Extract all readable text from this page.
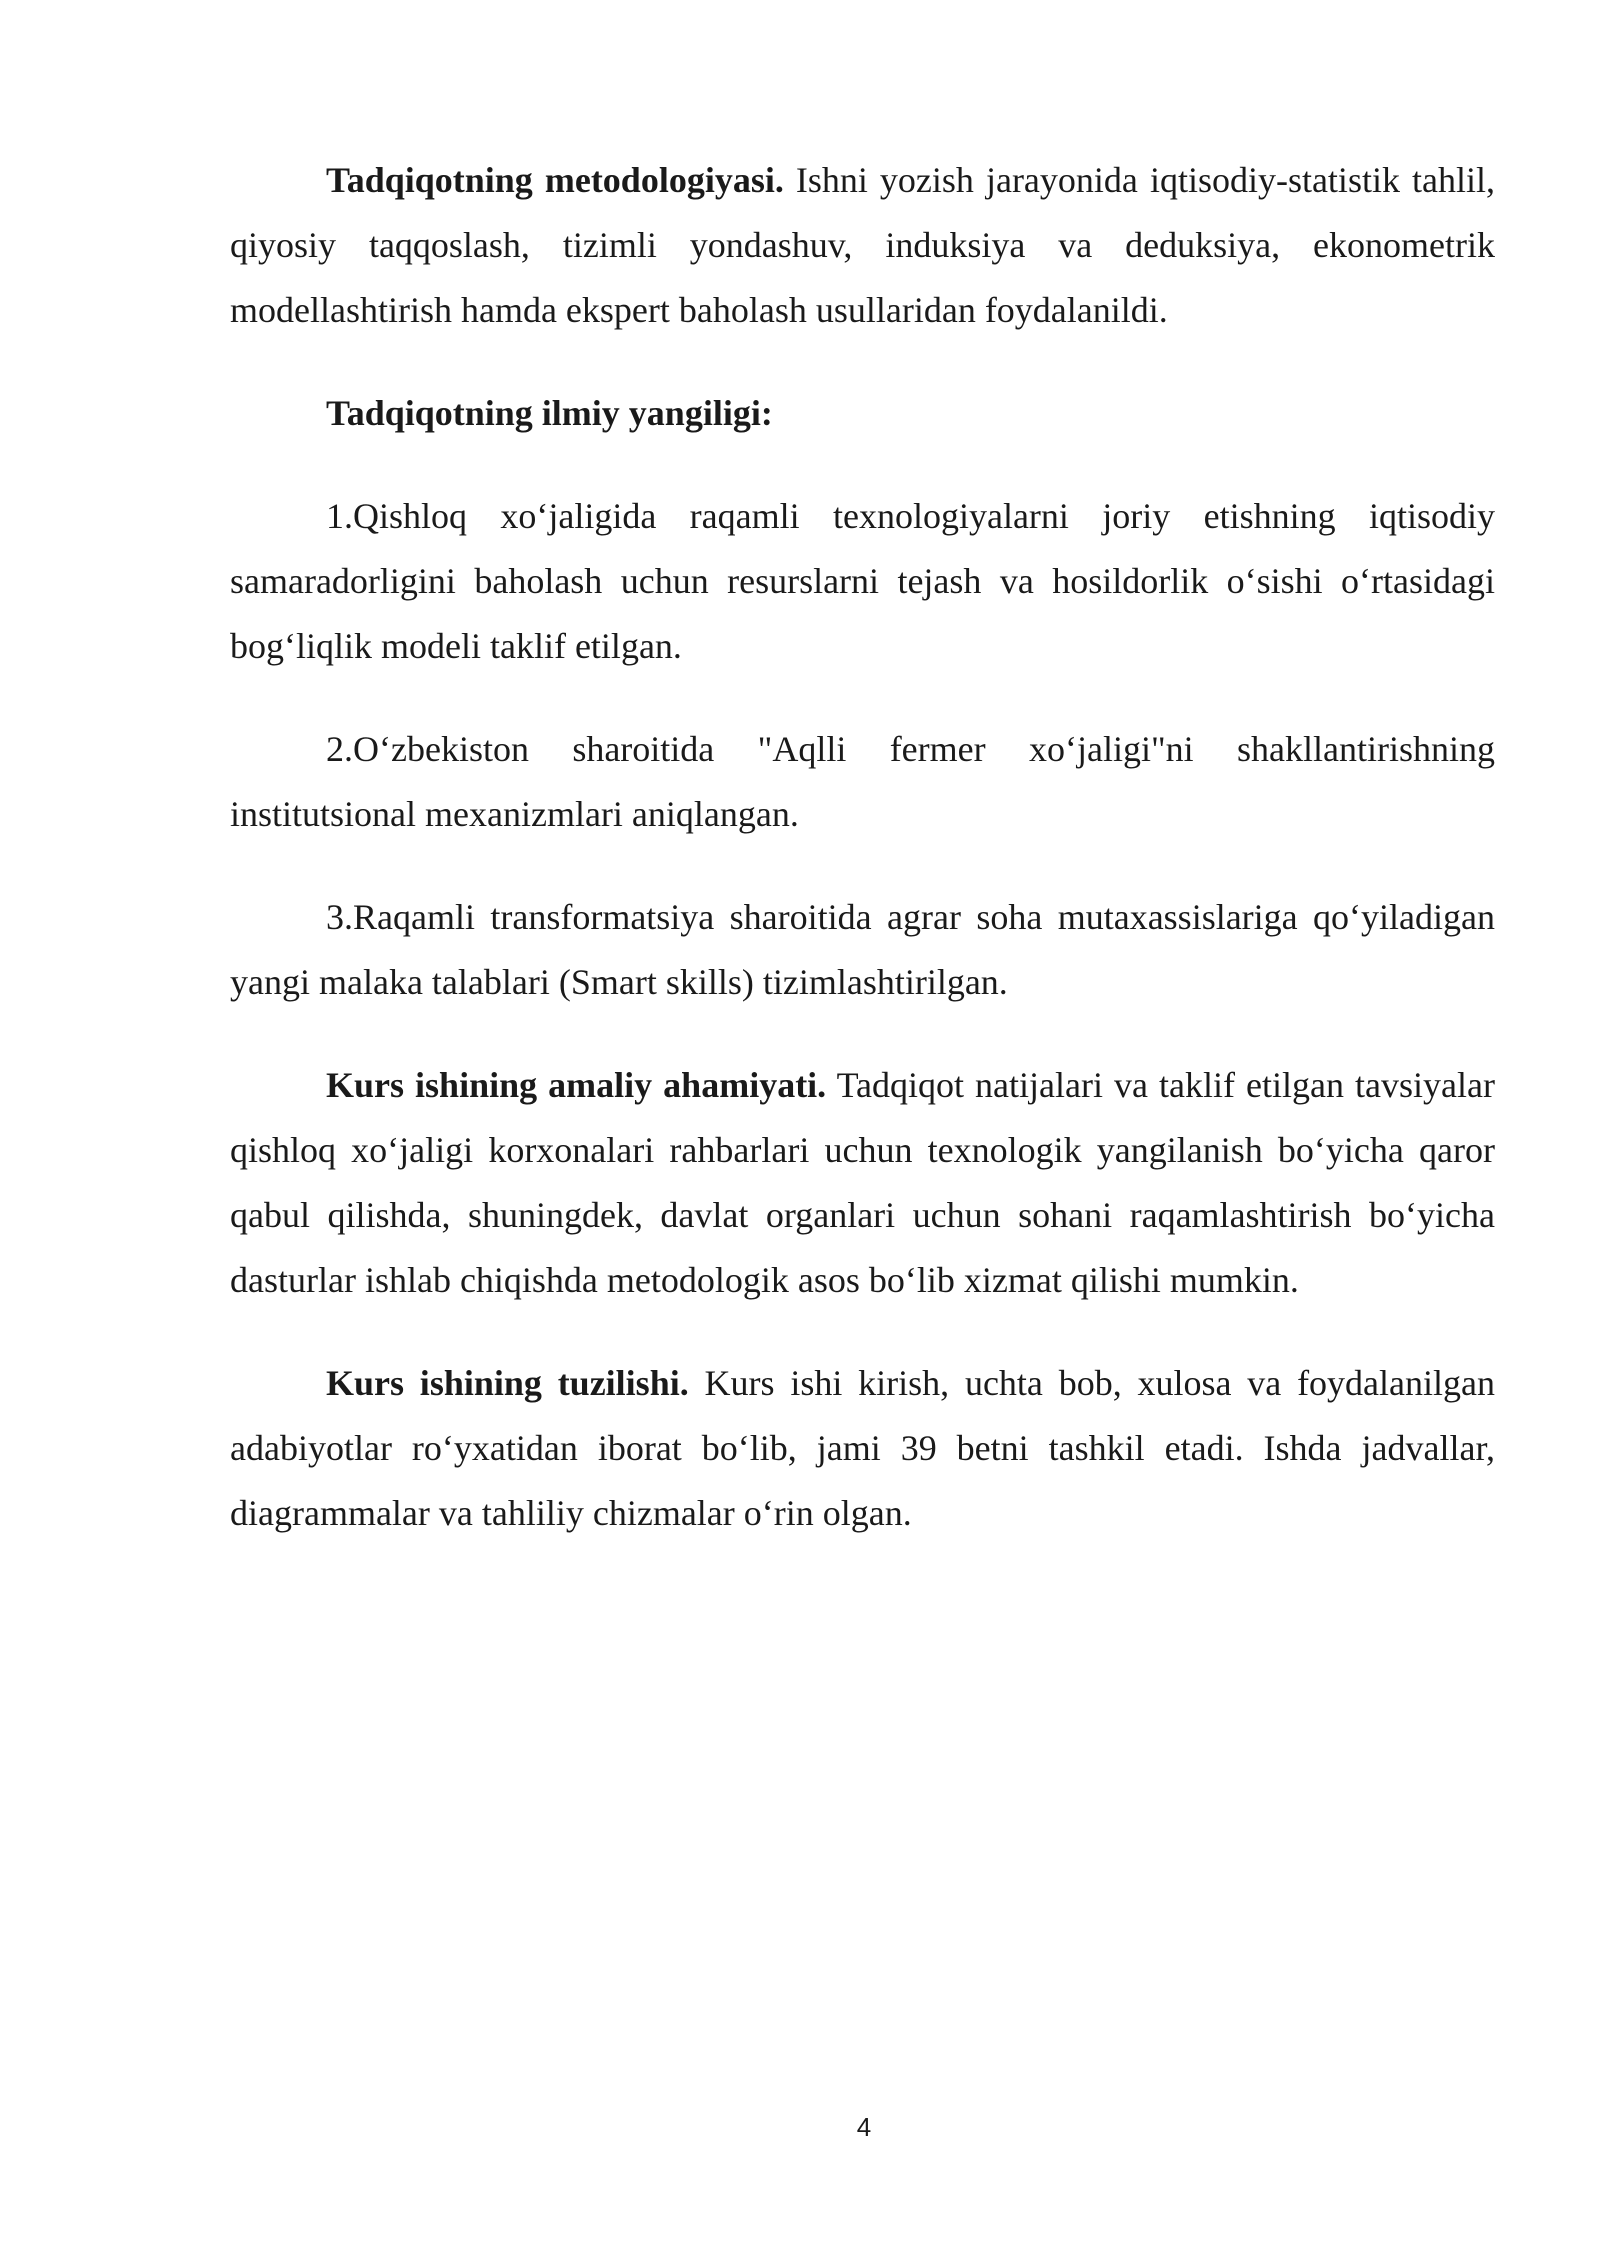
Tadqiqotning metodologiyasi. Ishni yozish jarayonida iqtisodiy-statistik tahlil, qiyosiy taqqoslash, tizimli yondashuv, induksiya va deduksiya, ekonometrik modellashtirish hamda ekspert baholash usullaridan foydalanildi.

Tadqiqotning ilmiy yangiligi:

1.Qishloq xo‘jaligida raqamli texnologiyalarni joriy etishning iqtisodiy samaradorligini baholash uchun resurslarni tejash va hosildorlik o‘sishi o‘rtasidagi bog‘liqlik modeli taklif etilgan.

2.O‘zbekiston sharoitida "Aqlli fermer xo‘jaligi"ni shakllantirishning institutsional mexanizmlari aniqlangan.

3.Raqamli transformatsiya sharoitida agrar soha mutaxassislariga qo‘yiladigan yangi malaka talablari (Smart skills) tizimlashtirilgan.

Kurs ishining amaliy ahamiyati. Tadqiqot natijalari va taklif etilgan tavsiyalar qishloq xo‘jaligi korxonalari rahbarlari uchun texnologik yangilanish bo‘yicha qaror qabul qilishda, shuningdek, davlat organlari uchun sohani raqamlashtirish bo‘yicha dasturlar ishlab chiqishda metodologik asos bo‘lib xizmat qilishi mumkin.

Kurs ishining tuzilishi. Kurs ishi kirish, uchta bob, xulosa va foydalanilgan adabiyotlar ro‘yxatidan iborat bo‘lib, jami 39 betni tashkil etadi. Ishda jadvallar, diagrammalar va tahliliy chizmalar o‘rin olgan.

4
